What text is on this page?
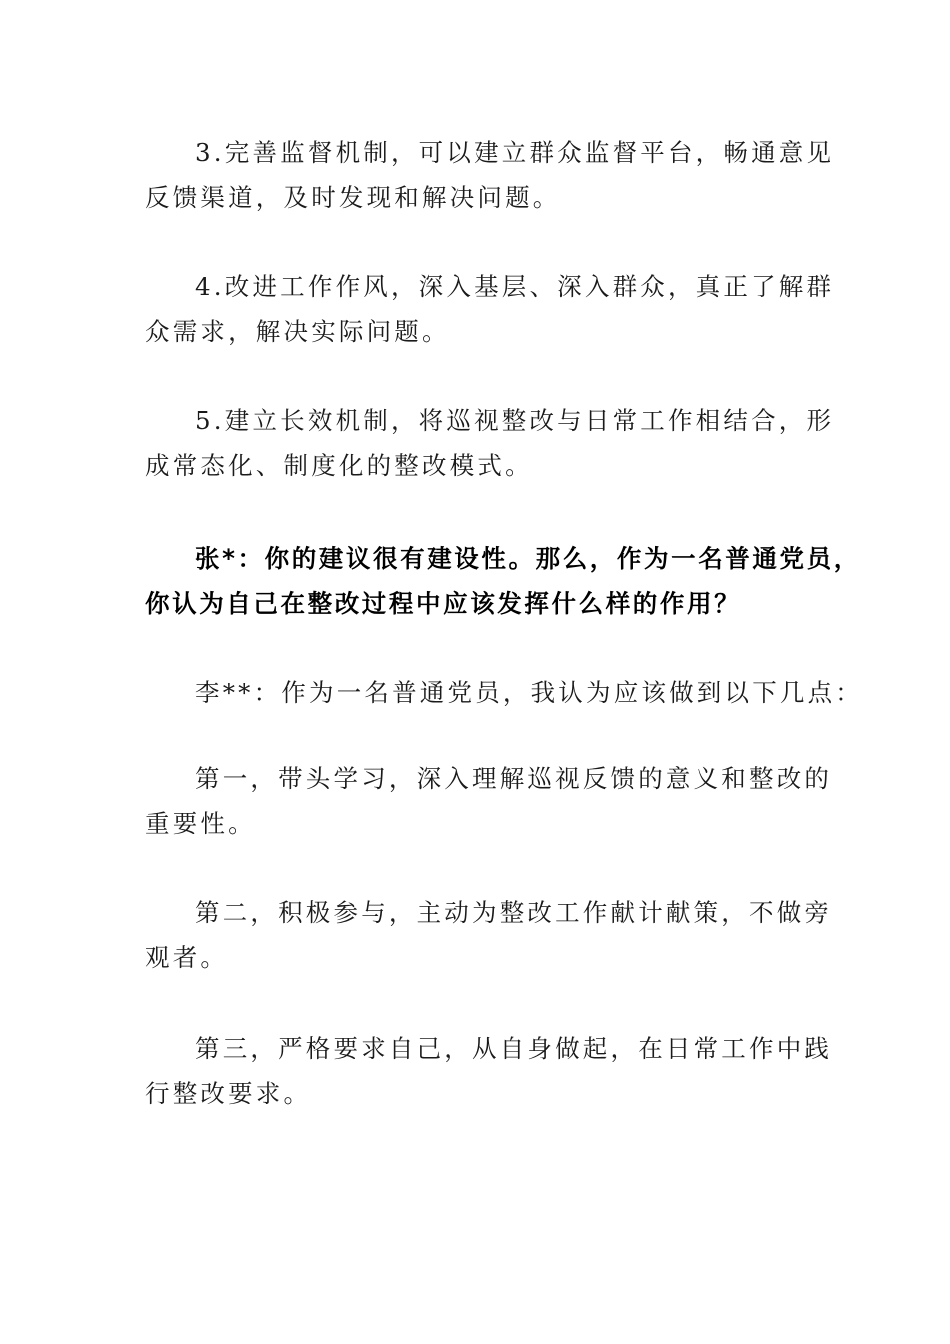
3.完善监督机制，可以建立群众监督平台，畅通意见
反馈渠道，及时发现和解决问题。

4.改进工作作风，深入基层、深入群众，真正了解群
众需求，解决实际问题。

5.建立长效机制，将巡视整改与日常工作相结合，形
成常态化、制度化的整改模式。

张*：你的建议很有建设性。那么，作为一名普通党员，
你认为自己在整改过程中应该发挥什么样的作用？

李**：作为一名普通党员，我认为应该做到以下几点：

第一，带头学习，深入理解巡视反馈的意义和整改的
重要性。

第二，积极参与，主动为整改工作献计献策，不做旁
观者。

第三，严格要求自己，从自身做起，在日常工作中践
行整改要求。
